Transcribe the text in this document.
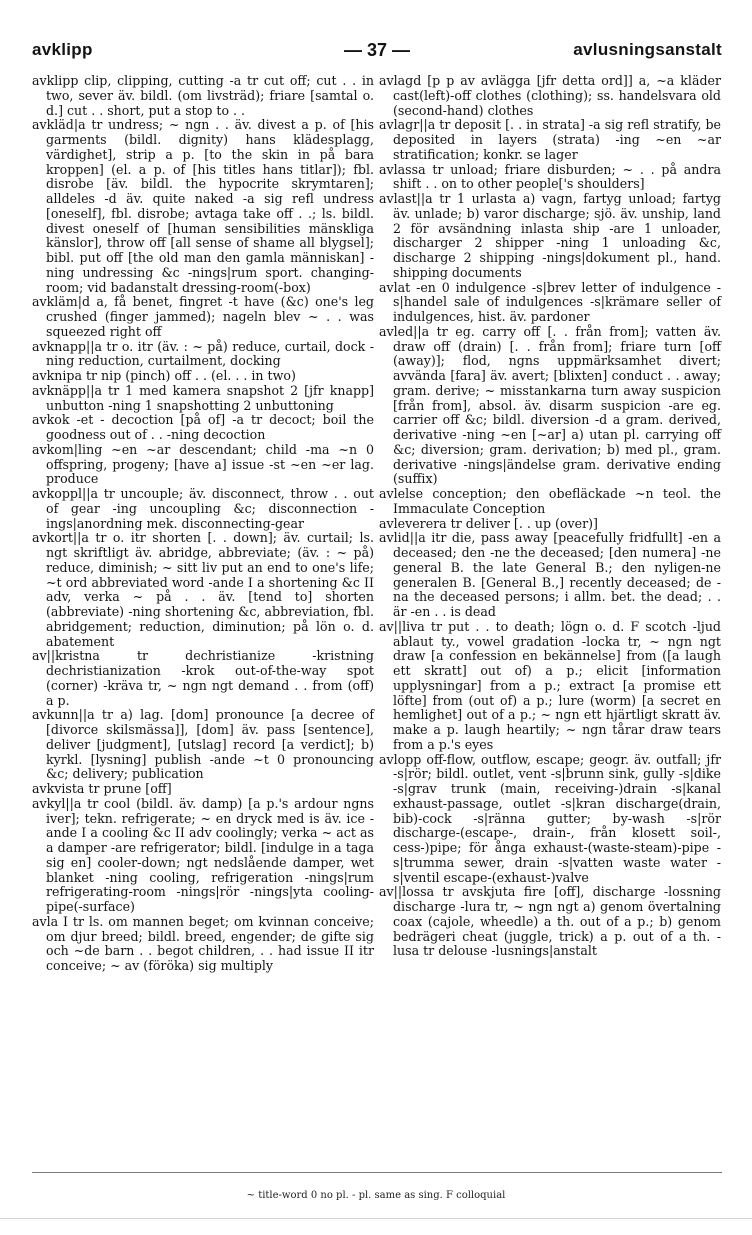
avklipp	— 37 —	avlusningsanstalt

avklipp clip, clipping, cutting -a tr cut off; cut . . in two, sever äv. bildl. (om livsträd); friare [samtal o. d.] cut . . short, put a stop to . .

avkläd|a tr undress; ~ ngn . . äv. divest a p. of [his garments (bildl. dignity) hans klädesplagg, värdighet], strip a p. [to the skin in på bara kroppen] (el. a p. of [his titles hans titlar]); fbl. disrobe [äv. bildl. the hypocrite skrymtaren]; alldeles -d äv. quite naked -a sig refl undress [oneself], fbl. disrobe; avtaga take off . .; ls. bildl. divest oneself of [human sensibilities mänskliga känslor], throw off [all sense of shame all blygsel]; bibl. put off [the old man den gamla människan] -ning undressing &c -nings|rum sport. changing-room; vid badanstalt dressing-room(-box)

avkläm|d a, få benet, fingret -t have (&c) one's leg crushed (finger jammed); nageln blev ~ . . was squeezed right off

avknapp||a tr o. itr (äv. : ~ på) reduce, curtail, dock -ning reduction, curtailment, docking

avknipa tr nip (pinch) off . . (el. . . in two)

avknäpp||a tr 1 med kamera snapshot 2 [jfr knapp] unbutton -ning 1 snapshotting 2 unbuttoning

avkok -et - decoction [på of] -a tr decoct; boil the goodness out of . . -ning decoction

avkom|ling ~en ~ar descendant; child -ma ~n 0 offspring, progeny; [have a] issue -st ~en ~er lag. produce

avkoppl||a tr uncouple; äv. disconnect, throw . . out of gear -ing uncoupling &c; disconnection -ings|anordning mek. disconnecting-gear

avkort||a tr o. itr shorten [. . down]; äv. curtail; ls. ngt skriftligt äv. abridge, abbreviate; (äv. : ~ på) reduce, diminish; ~ sitt liv put an end to one's life; ~t ord abbreviated word -ande I a shortening &c II adv, verka ~ på . . äv. [tend to] shorten (abbreviate) -ning shortening &c, abbreviation, fbl. abridgement; reduction, diminution; på lön o. d. abatement

av||kristna tr dechristianize -kristning dechristianization -krok out-of-the-way spot (corner) -kräva tr, ~ ngn ngt demand . . from (off) a p.

avkunn||a tr a) lag. [dom] pronounce [a decree of [divorce skilsmässa]], [dom] äv. pass [sentence], deliver [judgment], [utslag] record [a verdict]; b) kyrkl. [lysning] publish -ande ~t 0 pronouncing &c; delivery; publication

avkvista tr prune [off]

avkyl||a tr cool (bildl. äv. damp) [a p.'s ardour ngns iver]; tekn. refrigerate; ~ en dryck med is äv. ice -ande I a cooling &c II adv coolingly; verka ~ act as a damper -are refrigerator; bildl. [indulge in a taga sig en] cooler-down; ngt nedslående damper, wet blanket -ning cooling, refrigeration -nings|rum refrigerating-room -nings|rör -nings|yta cooling-pipe(-surface)

avla I tr ls. om mannen beget; om kvinnan conceive; om djur breed; bildl. breed, engender; de gifte sig och ~de barn . . begot children, . . had issue II itr conceive; ~ av (föröka) sig multiply

avlagd [p p av avlägga [jfr detta ord]] a, ~a kläder cast(left)-off clothes (clothing); ss. handelsvara old (second-hand) clothes

avlagr||a tr deposit [. . in strata] -a sig refl stratify, be deposited in layers (strata) -ing ~en ~ar stratification; konkr. se lager

avlassa tr unload; friare disburden; ~ . . på andra shift . . on to other people['s shoulders]

avlast||a tr 1 urlasta a) vagn, fartyg unload; fartyg äv. unlade; b) varor discharge; sjö. äv. unship, land 2 för avsändning inlasta ship -are 1 unloader, discharger 2 shipper -ning 1 unloading &c, discharge 2 shipping -nings|dokument pl., hand. shipping documents

avlat -en 0 indulgence -s|brev letter of indulgence -s|handel sale of indulgences -s|krämare seller of indulgences, hist. äv. pardoner

avled||a tr eg. carry off [. . från from]; vatten äv. draw off (drain) [. . från from]; friare turn [off (away)]; flod, ngns uppmärksamhet divert; avvända [fara] äv. avert; [blixten] conduct . . away; gram. derive; ~ misstankarna turn away suspicion [från from], absol. äv. disarm suspicion -are eg. carrier off &c; bildl. diversion -d a gram. derived, derivative -ning ~en [~ar] a) utan pl. carrying off &c; diversion; gram. derivation; b) med pl., gram. derivative -nings|ändelse gram. derivative ending (suffix)

avlelse conception; den obefläckade ~n teol. the Immaculate Conception

avleverera tr deliver [. . up (over)]

avlid||a itr die, pass away [peacefully fridfullt] -en a deceased; den -ne the deceased; [den numera] -ne general B. the late General B.; den nyligen-ne generalen B. [General B.,] recently deceased; de -na the deceased persons; i allm. bet. the dead; . . är -en . . is dead

av||liva tr put . . to death; lögn o. d. F scotch -ljud ablaut ty., vowel gradation -locka tr, ~ ngn ngt draw [a confession en bekännelse] from ([a laugh ett skratt] out of) a p.; elicit [information upplysningar] from a p.; extract [a promise ett löfte] from (out of) a p.; lure (worm) [a secret en hemlighet] out of a p.; ~ ngn ett hjärtligt skratt äv. make a p. laugh heartily; ~ ngn tårar draw tears from a p.'s eyes

avlopp off-flow, outflow, escape; geogr. äv. outfall; jfr -s|rör; bildl. outlet, vent -s|brunn sink, gully -s|dike -s|grav trunk (main, receiving-)drain -s|kanal exhaust-passage, outlet -s|kran discharge(drain, bib)-cock -s|ränna gutter; by-wash -s|rör discharge-(escape-, drain-, från klosett soil-, cess-)pipe; för ånga exhaust-(waste-steam)-pipe -s|trumma sewer, drain -s|vatten waste water -s|ventil escape-(exhaust-)valve

av||lossa tr avskjuta fire [off], discharge -lossning discharge -lura tr, ~ ngn ngt a) genom övertalning coax (cajole, wheedle) a th. out of a p.; b) genom bedrägeri cheat (juggle, trick) a p. out of a th. -lusa tr delouse -lusnings|anstalt

~ title-word 0 no pl. - pl. same as sing. F colloquial
